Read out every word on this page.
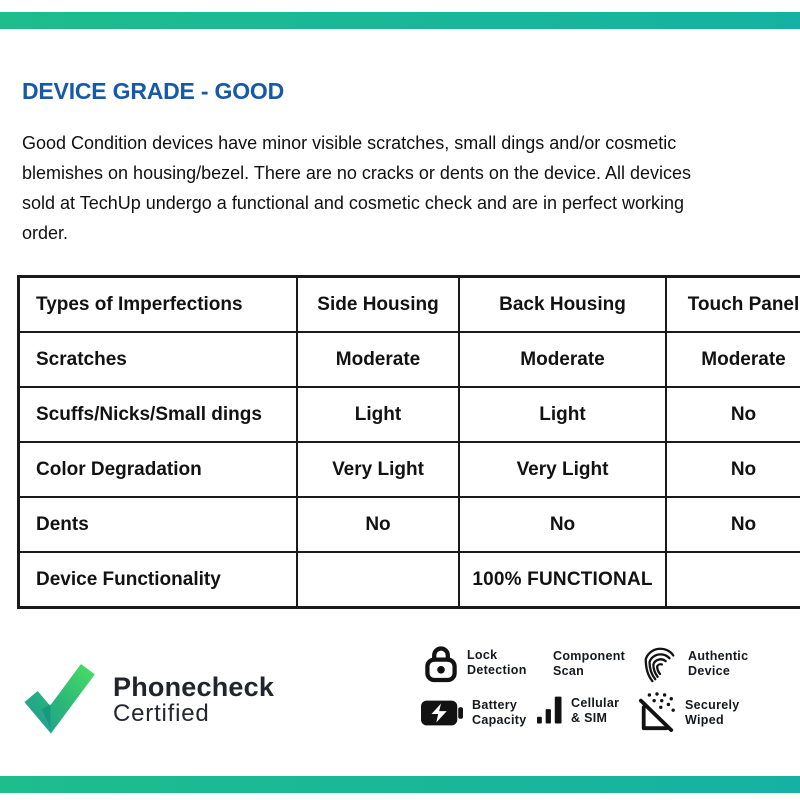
DEVICE GRADE - GOOD

Good Condition devices have minor visible scratches, small dings and/or cosmetic blemishes on housing/bezel. There are no cracks or dents on the device. All devices sold at TechUp undergo a functional and cosmetic check and are in perfect working order.

Types of Imperfections	Side Housing	Back Housing	Touch Panel
Scratches	Moderate	Moderate	Moderate
Scuffs/Nicks/Small dings	Light	Light	No
Color Degradation	Very Light	Very Light	No
Dents	No	No	No
Device Functionality		100% FUNCTIONAL	
Phonecheck
Certified
Lock
Detection
Component
Scan
Authentic
Device
Battery
Capacity
Cellular
& SIM
Securely
Wiped
